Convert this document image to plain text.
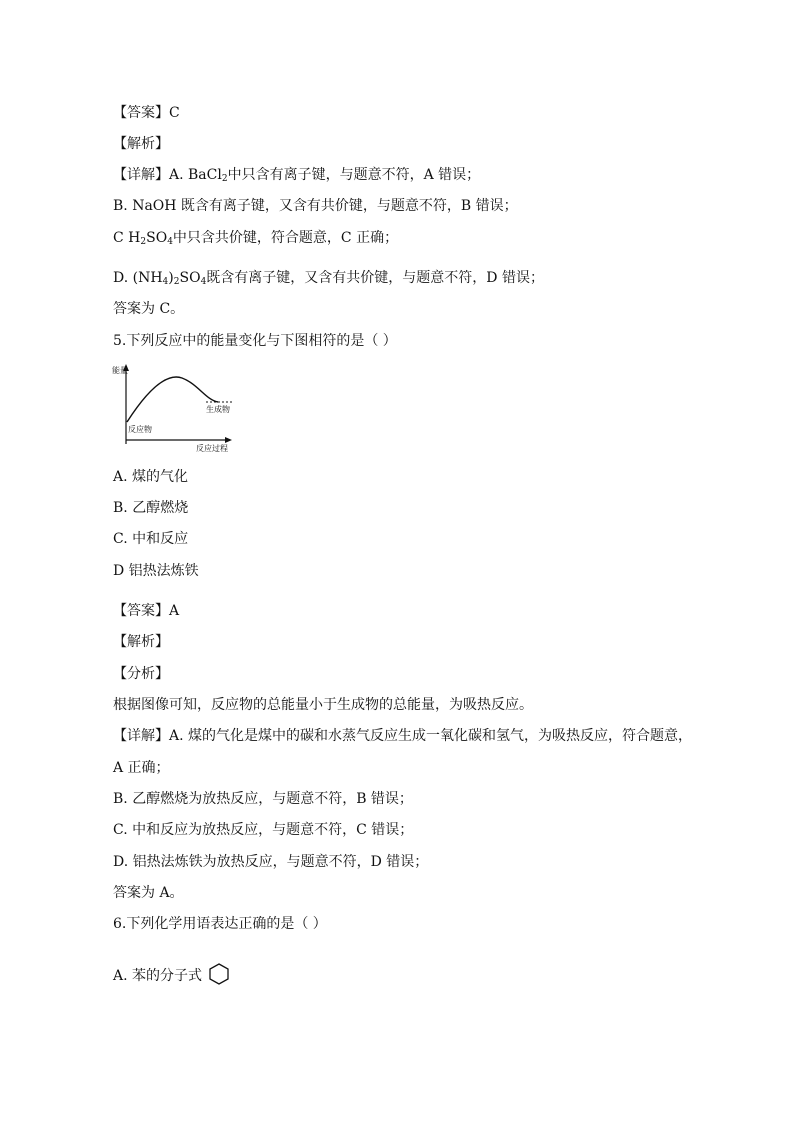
【答案】C
【解析】
【详解】A. BaCl$_2$中只含有离子键，与题意不符，A 错误；
B. NaOH 既含有离子键，又含有共价键，与题意不符，B 错误；
C $H_2SO_4$中只含共价键，符合题意，C 正确；
D. $(NH_4)_2SO_4$既含有离子键，又含有共价键，与题意不符，D 错误；
答案为 C。
5.下列反应中的能量变化与下图相符的是（ ）
能量
生成物
反应物
反应过程
A. 煤的气化
B. 乙醇燃烧
C. 中和反应
D 铝热法炼铁
【答案】A
【解析】
【分析】
根据图像可知，反应物的总能量小于生成物的总能量，为吸热反应。
【详解】A. 煤的气化是煤中的碳和水蒸气反应生成一氧化碳和氢气，为吸热反应，符合题意，
A 正确；
B. 乙醇燃烧为放热反应，与题意不符，B 错误；
C. 中和反应为放热反应，与题意不符，C 错误；
D. 铝热法炼铁为放热反应，与题意不符，D 错误；
答案为 A。
6.下列化学用语表达正确的是（ ）
A. 苯的分子式
